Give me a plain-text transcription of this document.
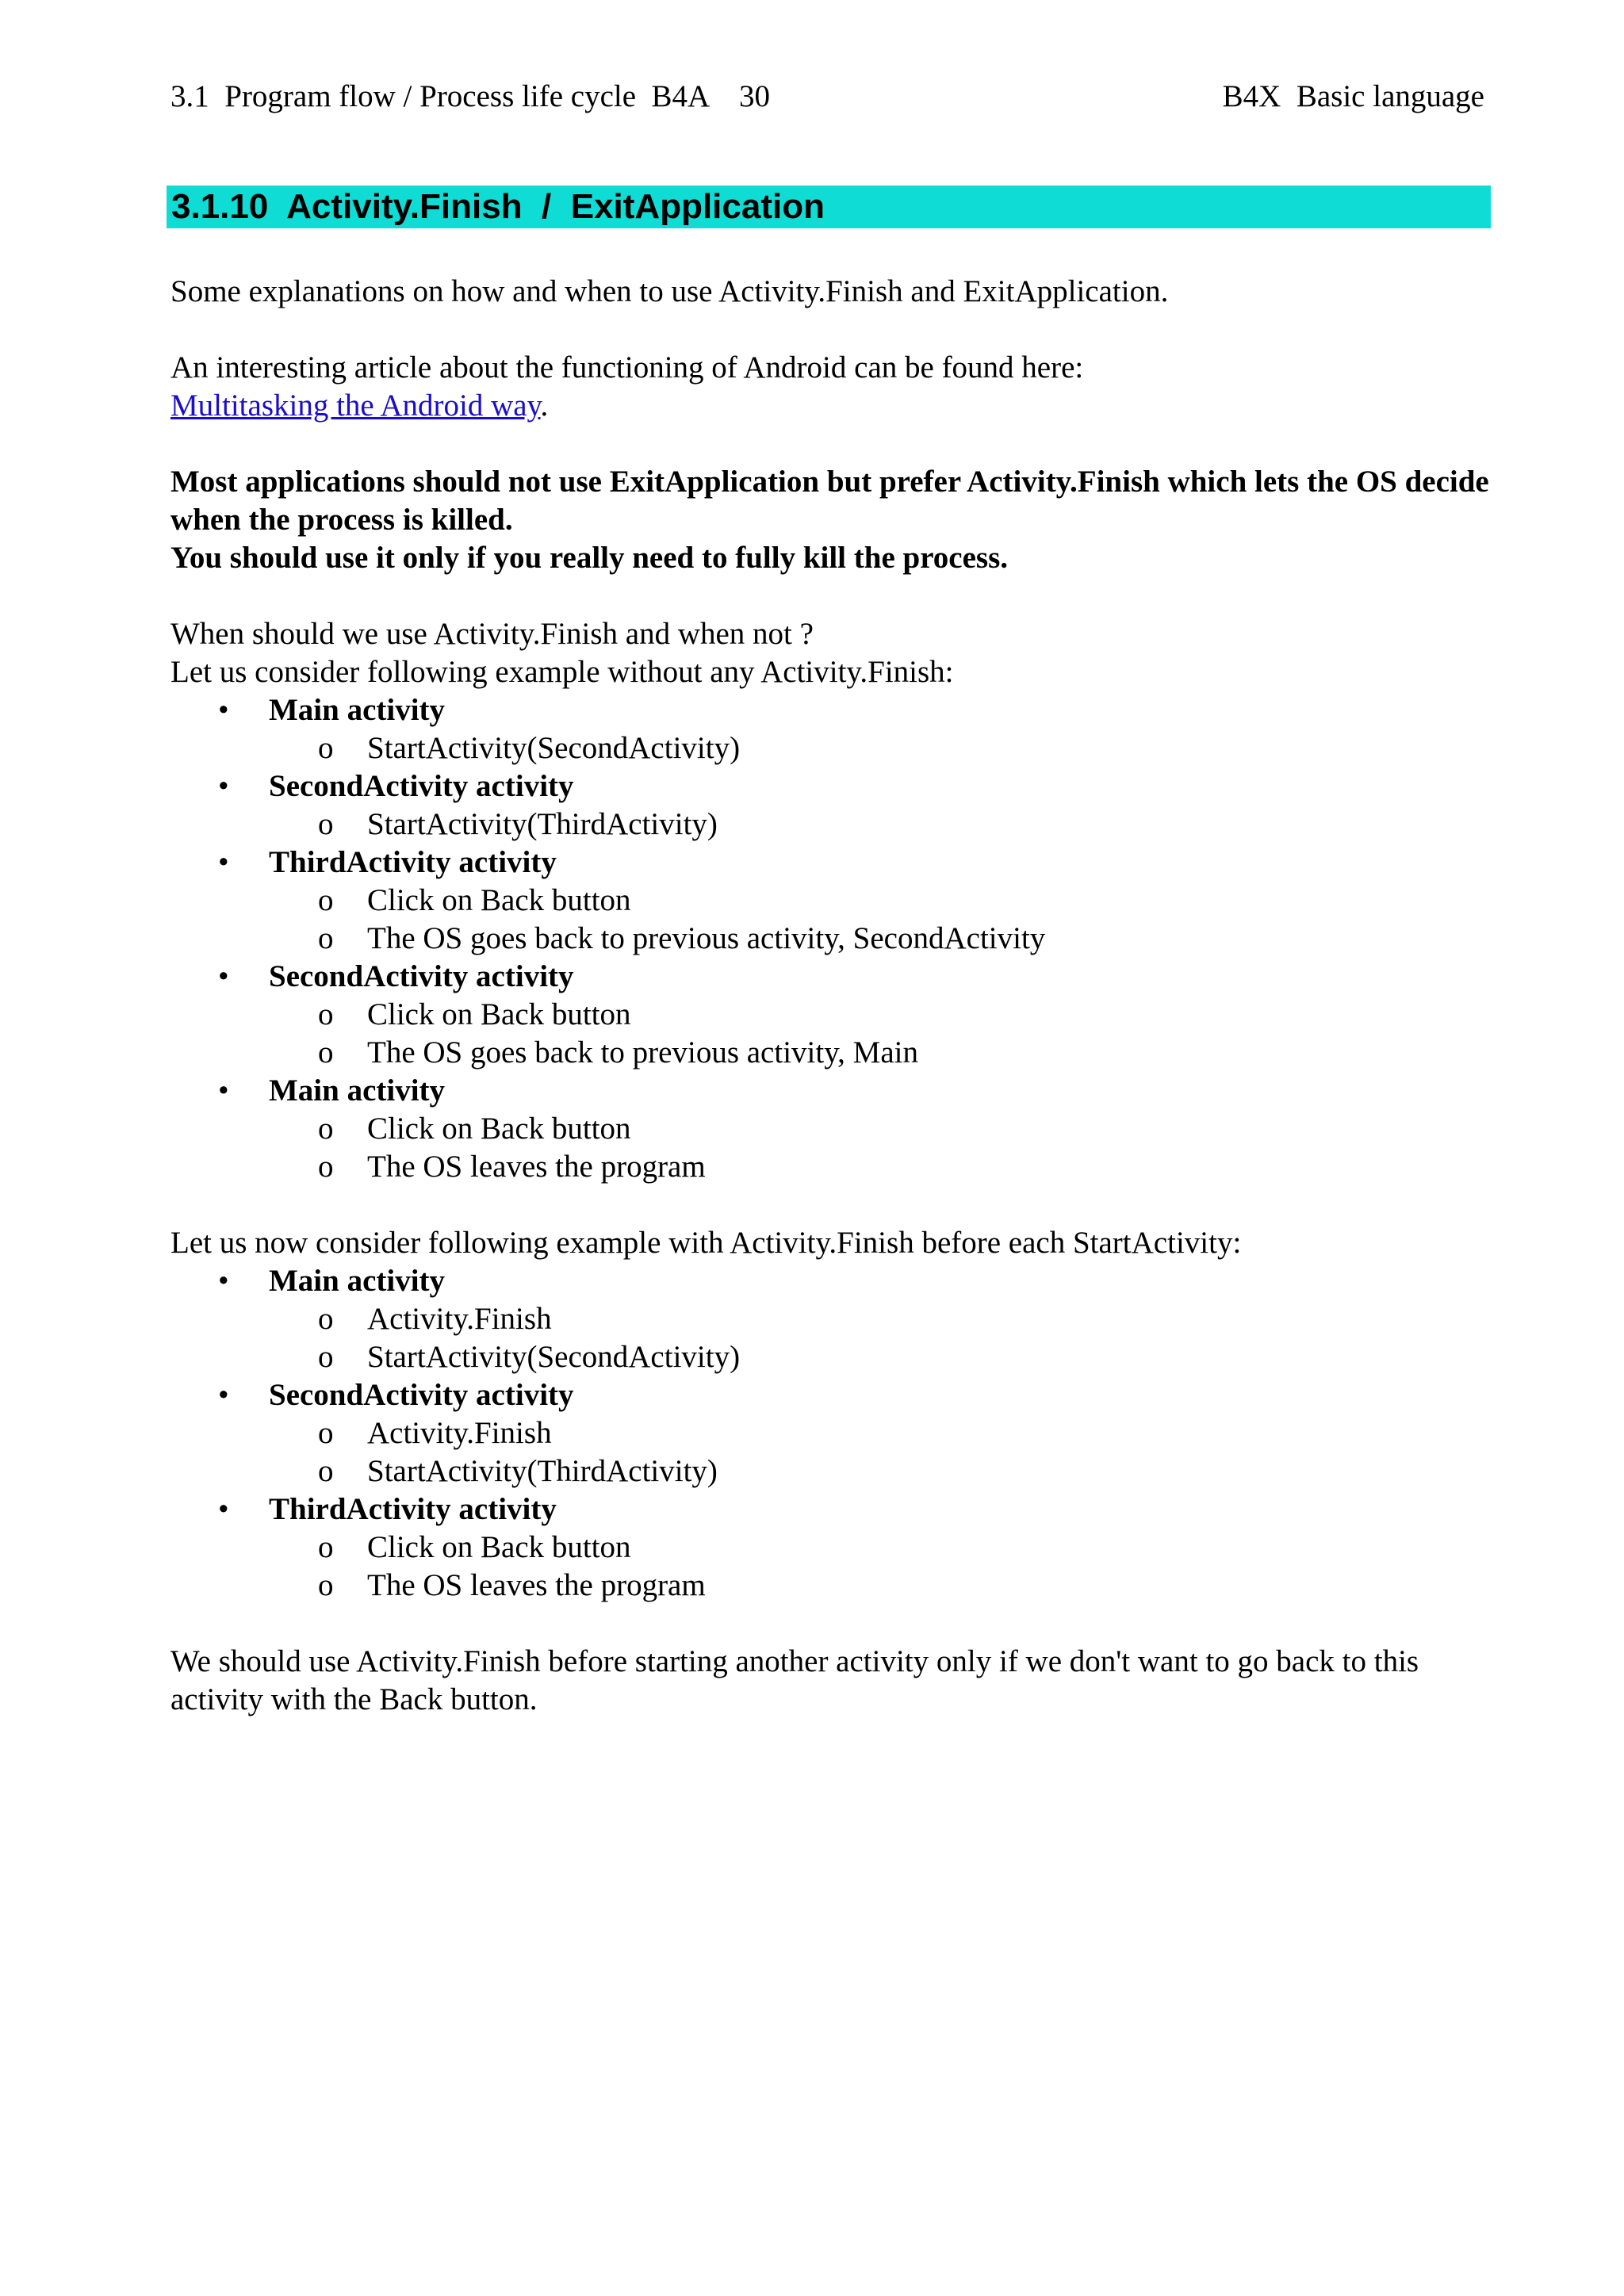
3.1  Program flow / Process life cycle  B4A    30	B4X  Basic language
3.1.10  Activity.Finish  /  ExitApplication

Some explanations on how and when to use Activity.Finish and ExitApplication.

An interesting article about the functioning of Android can be found here:

Multitasking the Android way.

Most applications should not use ExitApplication but prefer Activity.Finish which lets the OS decide when the process is killed.

You should use it only if you really need to fully kill the process.

When should we use Activity.Finish and when not ?

Let us consider following example without any Activity.Finish:

• Main activity
o	StartActivity(SecondActivity)
• SecondActivity activity
o	StartActivity(ThirdActivity)
• ThirdActivity activity
o	Click on Back button
o	The OS goes back to previous activity, SecondActivity
• SecondActivity activity
o	Click on Back button
o	The OS goes back to previous activity, Main
• Main activity
o	Click on Back button
o	The OS leaves the program

Let us now consider following example with Activity.Finish before each StartActivity:

• Main activity
o	Activity.Finish
o	StartActivity(SecondActivity)
• SecondActivity activity
o	Activity.Finish
o	StartActivity(ThirdActivity)
• ThirdActivity activity
o	Click on Back button
o	The OS leaves the program

We should use Activity.Finish before starting another activity only if we don't want to go back to this activity with the Back button.
